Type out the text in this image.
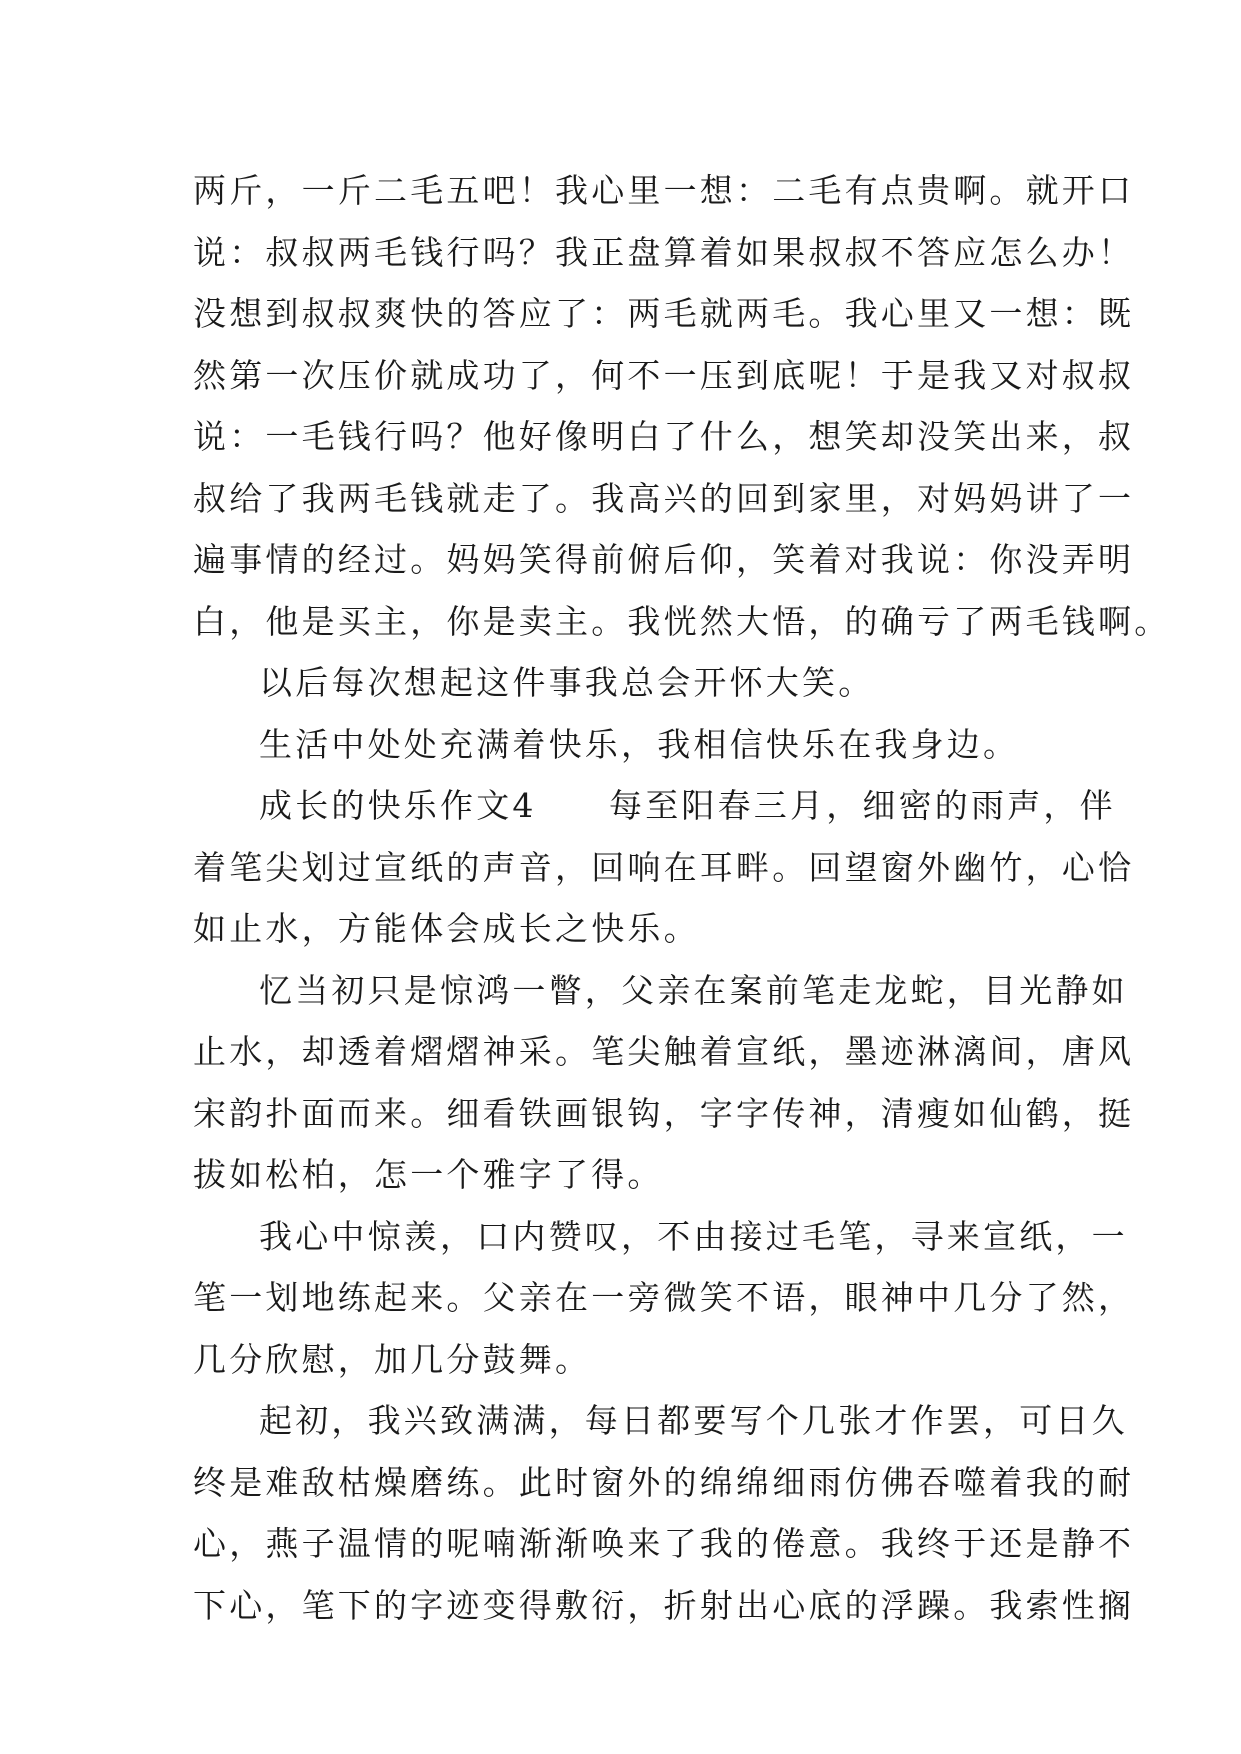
两斤，一斤二毛五吧！我心里一想：二毛有点贵啊。就开口
说：叔叔两毛钱行吗？我正盘算着如果叔叔不答应怎么办！
没想到叔叔爽快的答应了：两毛就两毛。我心里又一想：既
然第一次压价就成功了，何不一压到底呢！于是我又对叔叔
说：一毛钱行吗？他好像明白了什么，想笑却没笑出来，叔
叔给了我两毛钱就走了。我高兴的回到家里，对妈妈讲了一
遍事情的经过。妈妈笑得前俯后仰，笑着对我说：你没弄明
白，他是买主，你是卖主。我恍然大悟，的确亏了两毛钱啊。
以后每次想起这件事我总会开怀大笑。
生活中处处充满着快乐，我相信快乐在我身边。
成长的快乐作文4　　每至阳春三月，细密的雨声，伴
着笔尖划过宣纸的声音，回响在耳畔。回望窗外幽竹，心恰
如止水，方能体会成长之快乐。
忆当初只是惊鸿一瞥，父亲在案前笔走龙蛇，目光静如
止水，却透着熠熠神采。笔尖触着宣纸，墨迹淋漓间，唐风
宋韵扑面而来。细看铁画银钩，字字传神，清瘦如仙鹤，挺
拔如松柏，怎一个雅字了得。
我心中惊羡，口内赞叹，不由接过毛笔，寻来宣纸，一
笔一划地练起来。父亲在一旁微笑不语，眼神中几分了然，
几分欣慰，加几分鼓舞。
起初，我兴致满满，每日都要写个几张才作罢，可日久
终是难敌枯燥磨练。此时窗外的绵绵细雨仿佛吞噬着我的耐
心，燕子温情的呢喃渐渐唤来了我的倦意。我终于还是静不
下心，笔下的字迹变得敷衍，折射出心底的浮躁。我索性搁
